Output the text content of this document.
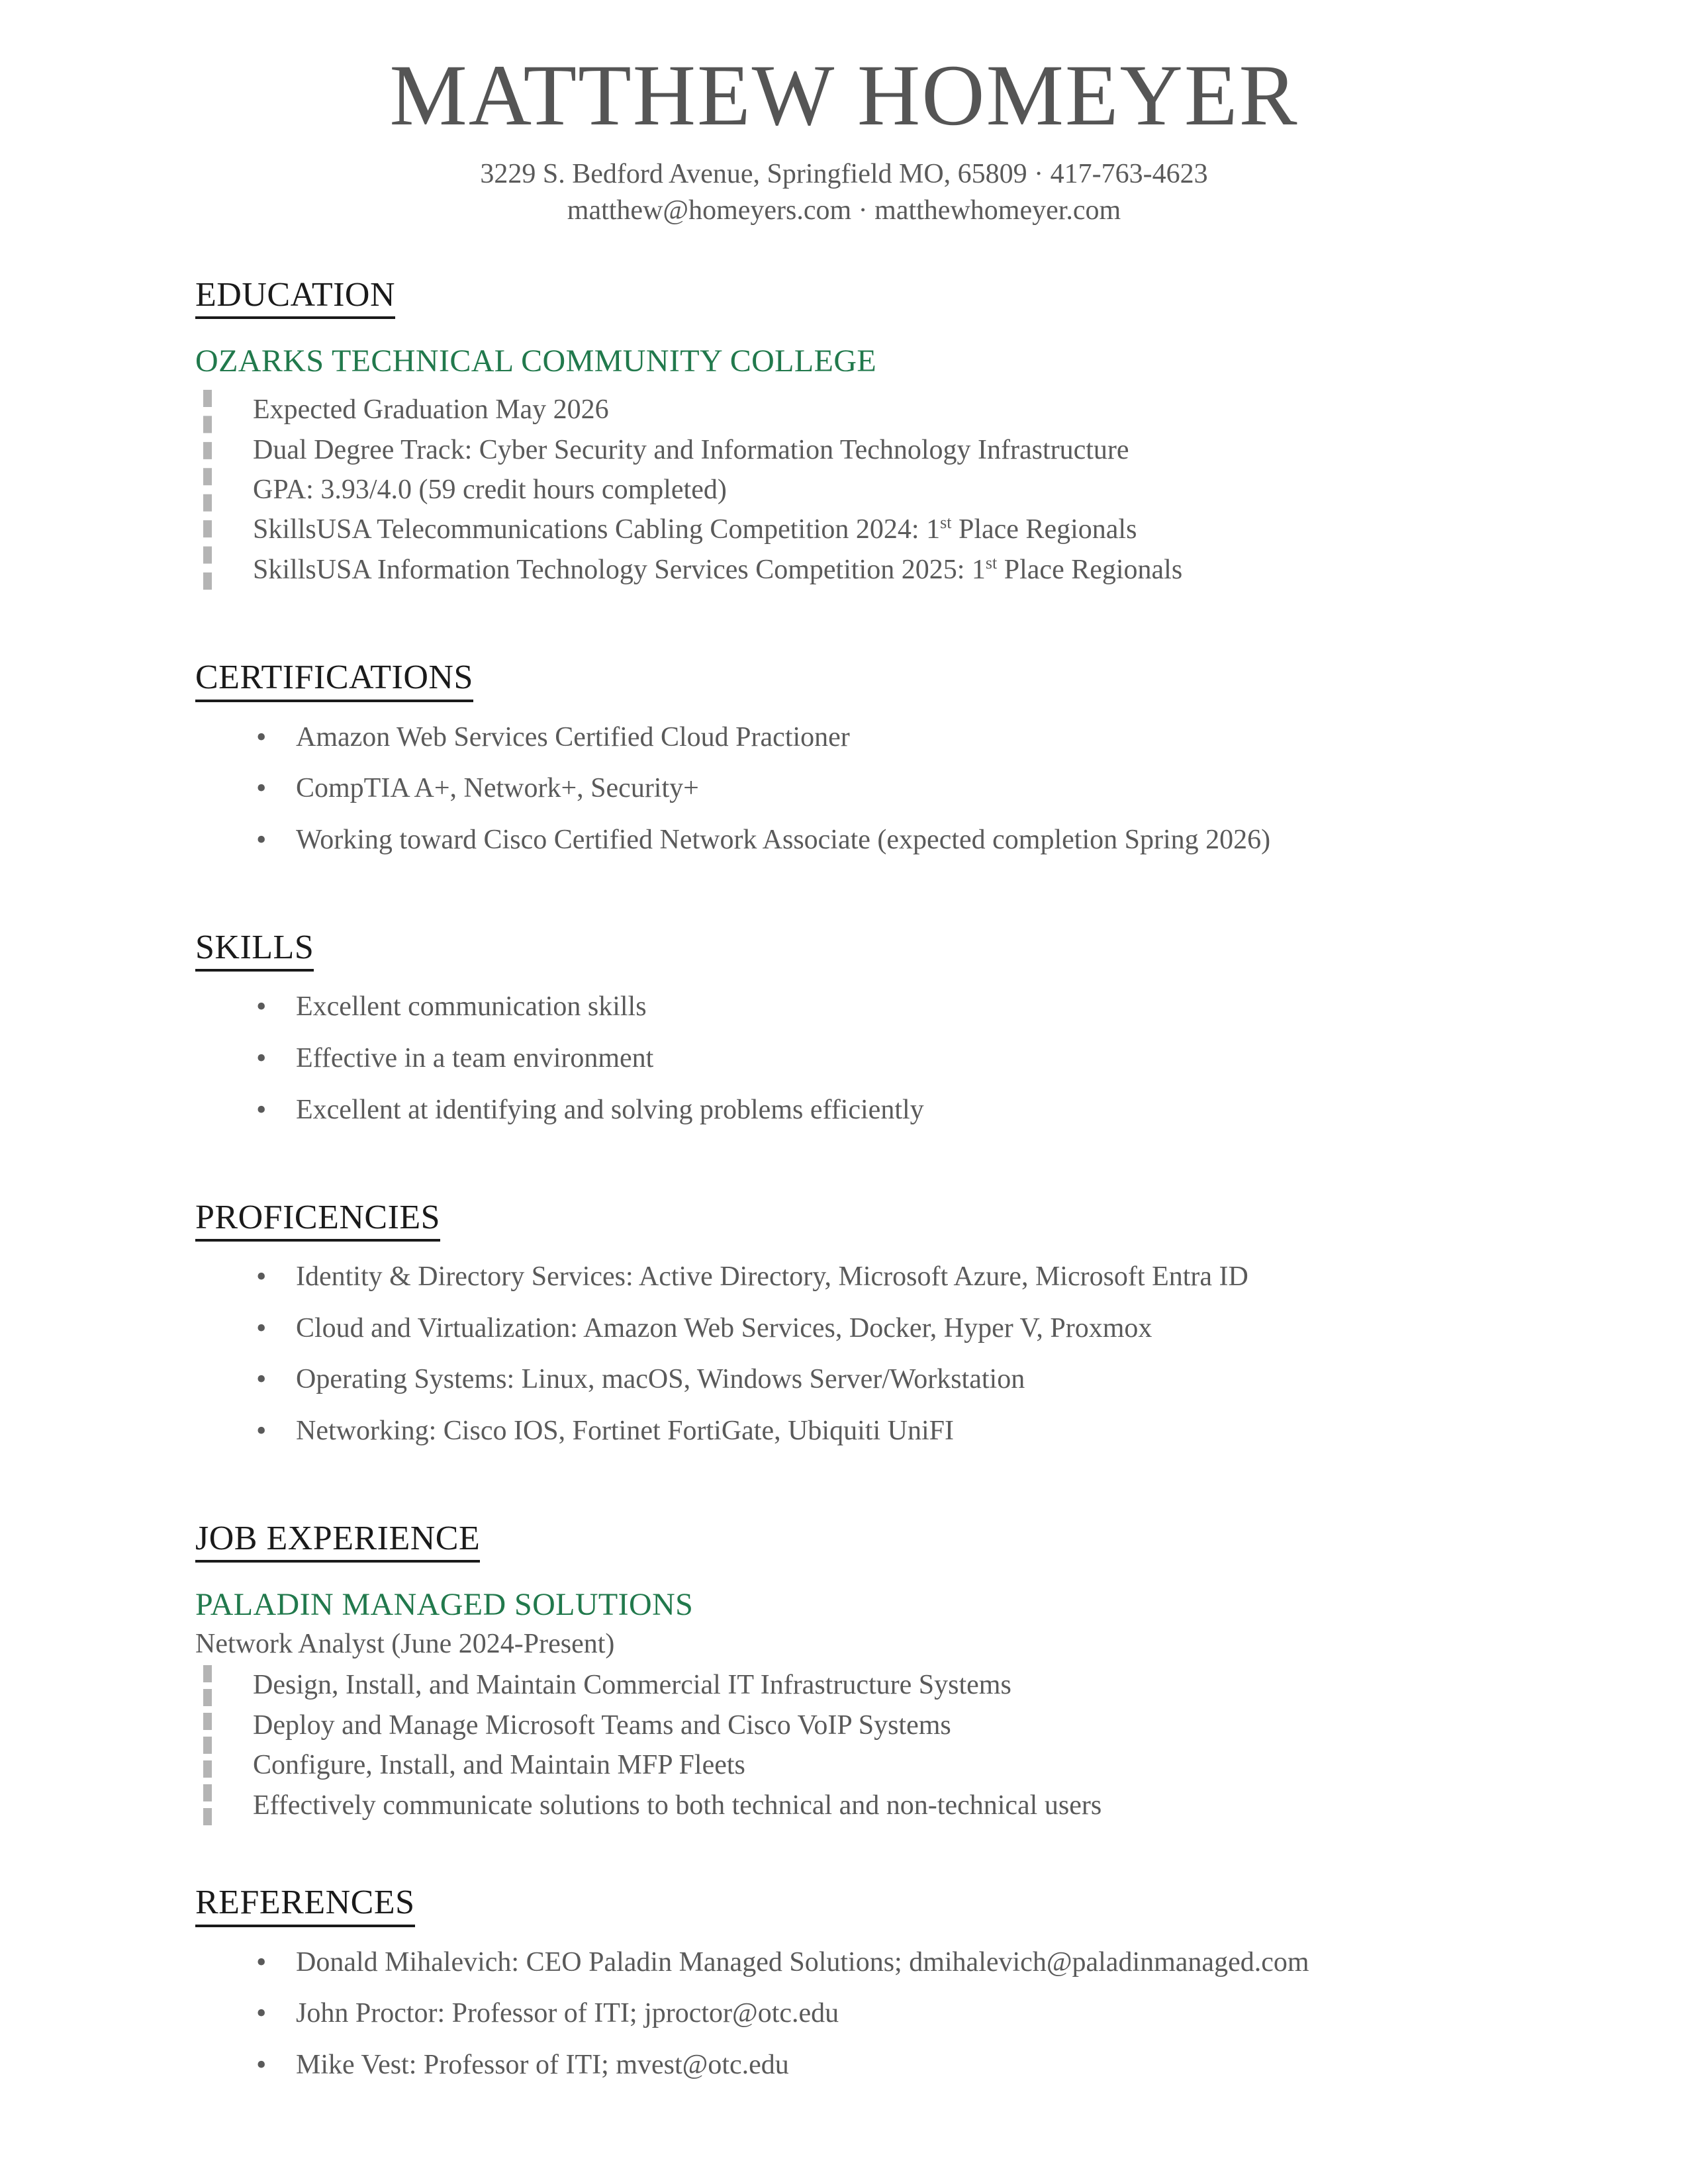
MATTHEW HOMEYER

3229 S. Bedford Avenue, Springfield MO, 65809 · 417-763-4623

matthew@homeyers.com · matthewhomeyer.com

EDUCATION
OZARKS TECHNICAL COMMUNITY COLLEGE
Expected Graduation May 2026
Dual Degree Track: Cyber Security and Information Technology Infrastructure
GPA: 3.93/4.0 (59 credit hours completed)
SkillsUSA Telecommunications Cabling Competition 2024: 1st Place Regionals
SkillsUSA Information Technology Services Competition 2025: 1st Place Regionals
CERTIFICATIONS
• Amazon Web Services Certified Cloud Practioner
• CompTIA A+, Network+, Security+
• Working toward Cisco Certified Network Associate (expected completion Spring 2026)
SKILLS
• Excellent communication skills
• Effective in a team environment
• Excellent at identifying and solving problems efficiently
PROFICENCIES
• Identity & Directory Services: Active Directory, Microsoft Azure, Microsoft Entra ID
• Cloud and Virtualization: Amazon Web Services, Docker, Hyper V, Proxmox
• Operating Systems: Linux, macOS, Windows Server/Workstation
• Networking: Cisco IOS, Fortinet FortiGate, Ubiquiti UniFI
JOB EXPERIENCE
PALADIN MANAGED SOLUTIONS
Network Analyst (June 2024-Present)
Design, Install, and Maintain Commercial IT Infrastructure Systems
Deploy and Manage Microsoft Teams and Cisco VoIP Systems
Configure, Install, and Maintain MFP Fleets
Effectively communicate solutions to both technical and non-technical users
REFERENCES
• Donald Mihalevich: CEO Paladin Managed Solutions; dmihalevich@paladinmanaged.com
• John Proctor: Professor of ITI; jproctor@otc.edu
• Mike Vest: Professor of ITI; mvest@otc.edu
